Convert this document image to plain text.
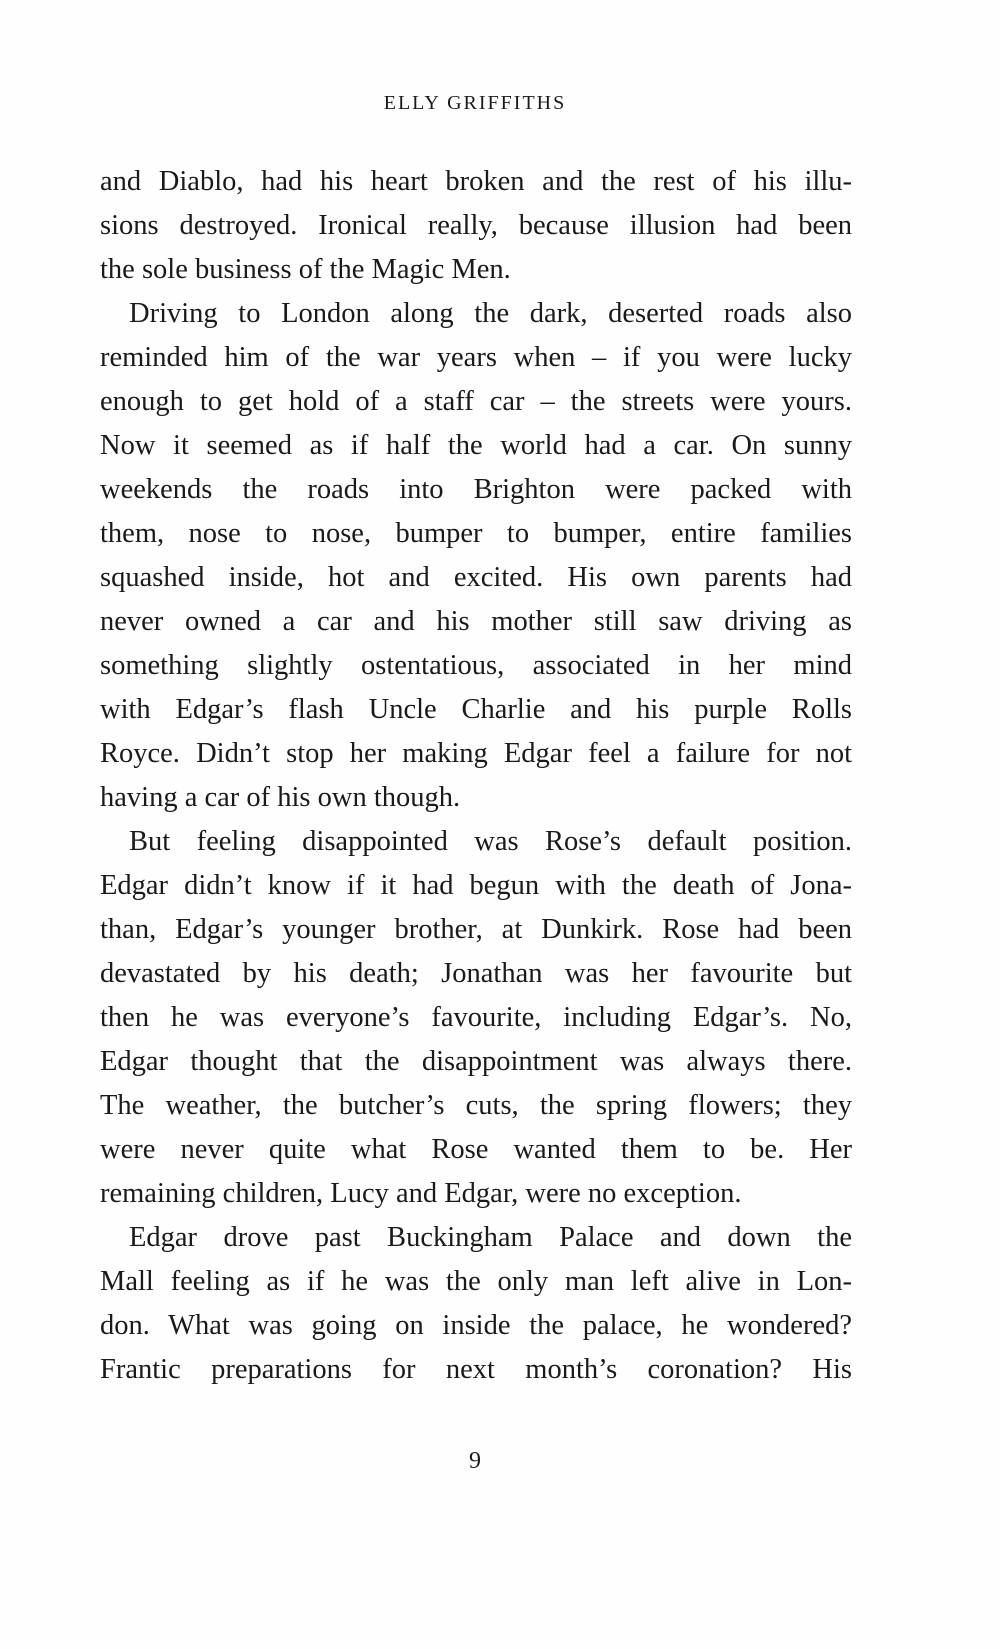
ELLY GRIFFITHS
and Diablo, had his heart broken and the rest of his illu-
sions destroyed. Ironical really, because illusion had been
the sole business of the Magic Men.
Driving to London along the dark, deserted roads also
reminded him of the war years when – if you were lucky
enough to get hold of a staff car – the streets were yours.
Now it seemed as if half the world had a car. On sunny
weekends the roads into Brighton were packed with
them, nose to nose, bumper to bumper, entire families
squashed inside, hot and excited. His own parents had
never owned a car and his mother still saw driving as
something slightly ostentatious, associated in her mind
with Edgar’s flash Uncle Charlie and his purple Rolls
Royce. Didn’t stop her making Edgar feel a failure for not
having a car of his own though.
But feeling disappointed was Rose’s default position.
Edgar didn’t know if it had begun with the death of Jona-
than, Edgar’s younger brother, at Dunkirk. Rose had been
devastated by his death; Jonathan was her favourite but
then he was everyone’s favourite, including Edgar’s. No,
Edgar thought that the disappointment was always there.
The weather, the butcher’s cuts, the spring flowers; they
were never quite what Rose wanted them to be. Her
remaining children, Lucy and Edgar, were no exception.
Edgar drove past Buckingham Palace and down the
Mall feeling as if he was the only man left alive in Lon-
don. What was going on inside the palace, he wondered?
Frantic preparations for next month’s coronation? His
9
